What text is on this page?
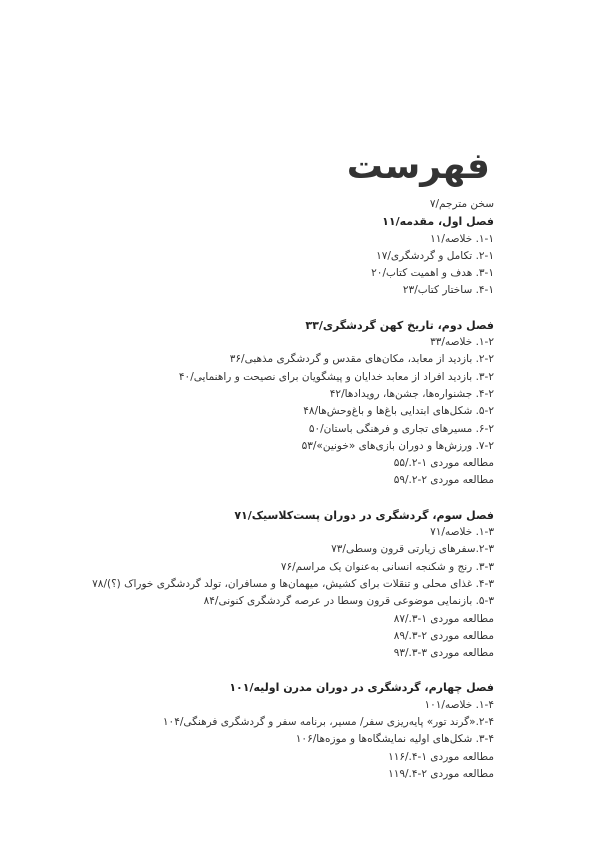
فهرست
سخن مترجم/۷
فصل اول، مقدمه/۱۱
۱-۱. خلاصه/۱۱
۲-۱. تکامل و گردشگری/۱۷
۳-۱. هدف و اهمیت کتاب/۲۰
۴-۱. ساختار کتاب/۲۳
فصل دوم، تاریخ کهن گردشگری/۳۳
۱-۲. خلاصه/۳۳
۲-۲. بازدید از معابد، مکان‌های مقدس و گردشگری مذهبی/۳۶
۳-۲. بازدید افراد از معابد خدایان و پیشگویان برای نصیحت و راهنمایی/۴۰
۴-۲. جشنواره‌ها، جشن‌ها، رویدادها/۴۲
۵-۲. شکل‌های ابتدایی باغ‌ها و باغ‌وحش‌ها/۴۸
۶-۲. مسیرهای تجاری و فرهنگی باستان/۵۰
۷-۲. ورزش‌ها و دوران بازی‌های «خونین»/۵۳
مطالعه موردی ۱-۲./۵۵
مطالعه موردی ۲-۲./۵۹
فصل سوم، گردشگری در دوران پست‌کلاسیک/۷۱
۱-۳. خلاصه/۷۱
۲-۳.سفرهای زیارتی قرون وسطی/۷۳
۳-۳. رنج و شکنجه انسانی به‌عنوان یک مراسم/۷۶
۴-۳. غذای محلی و تنقلات برای کشیش، میهمان‌ها و مسافران، تولد گردشگری خوراک (؟)/۷۸
۵-۳. بازنمایی موضوعی قرون وسطا در عرصه گردشگری کنونی/۸۴
مطالعه موردی ۱-۳./۸۷
مطالعه موردی ۲-۳./۸۹
مطالعه موردی ۳-۳./۹۳
فصل چهارم، گردشگری در دوران مدرن اولیه/۱۰۱
۱-۴. خلاصه/۱۰۱
۲-۴.«گرند تور» پایه‌ریزی سفر/ مسیر، برنامه سفر و گردشگری فرهنگی/۱۰۴
۳-۴. شکل‌های اولیه نمایشگاه‌ها و موزه‌ها/۱۰۶
مطالعه موردی ۱-۴./۱۱۶
مطالعه موردی ۲-۴./۱۱۹
